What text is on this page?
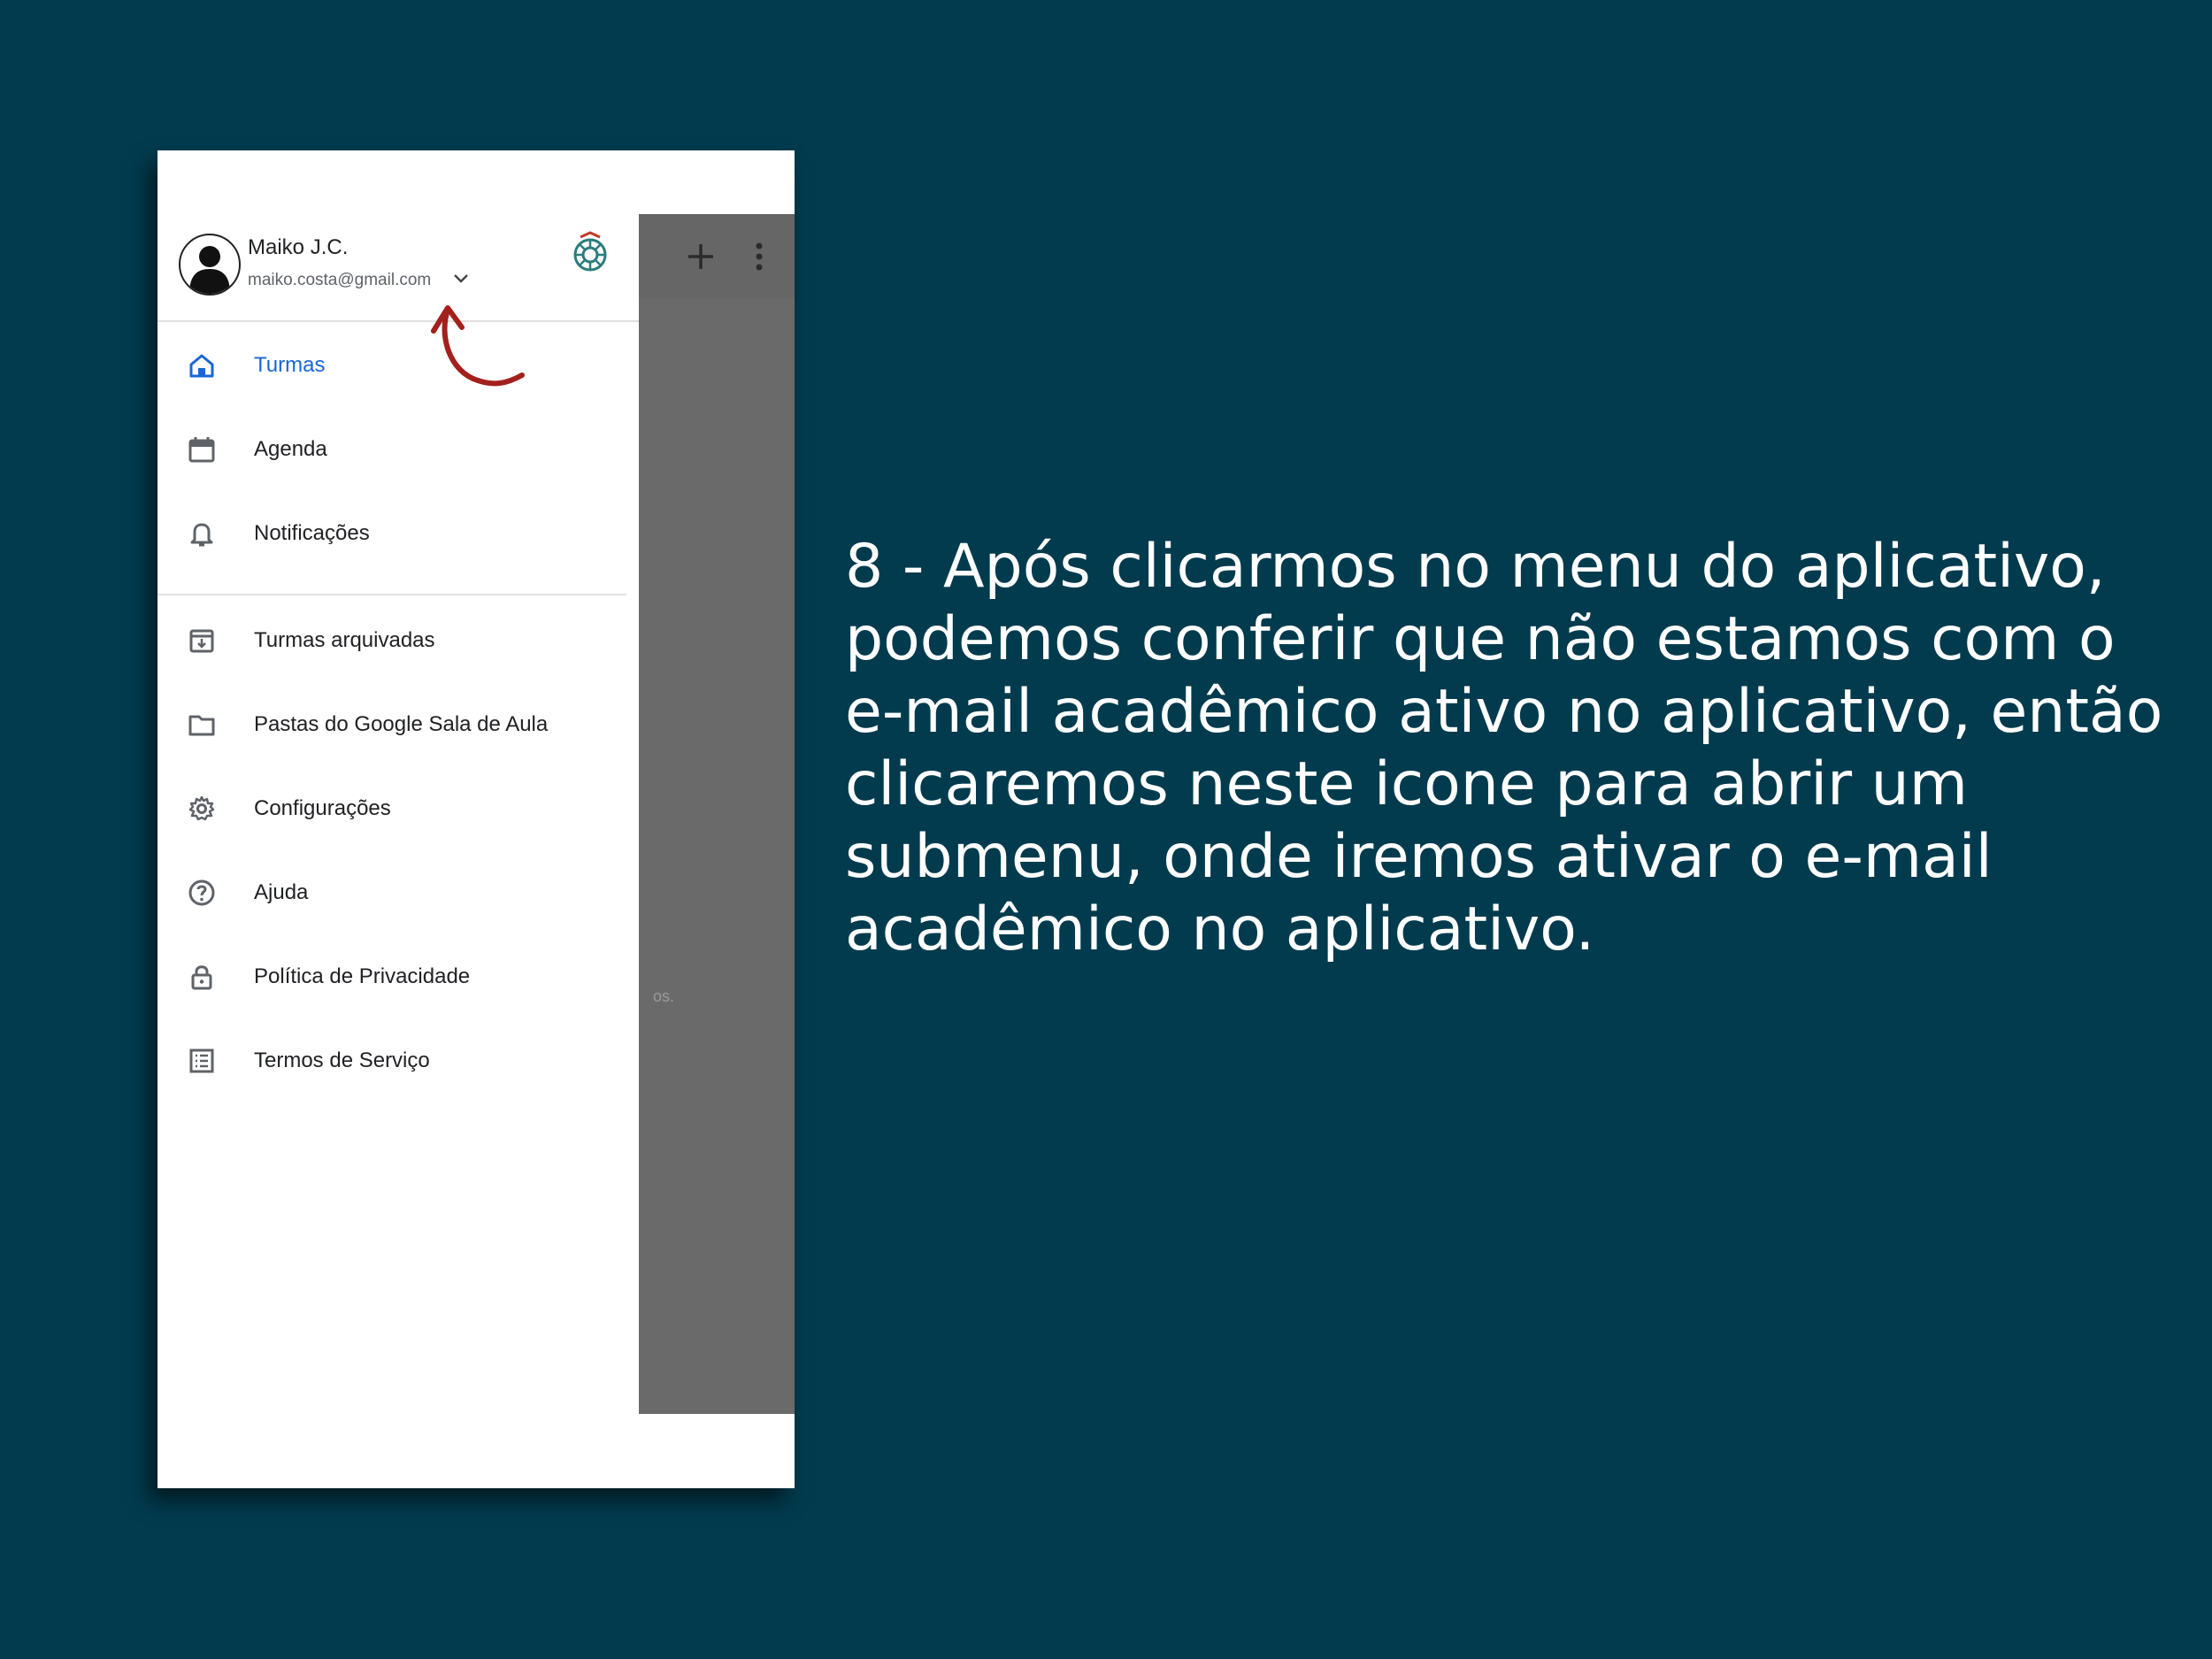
os.
Maiko J.C.
maiko.costa@gmail.com
Turmas
Agenda
Notificações
Turmas arquivadas
Pastas do Google Sala de Aula
Configurações
Ajuda
Política de Privacidade
Termos de Serviço
8 - Após clicarmos no menu do aplicativo, podemos conferir que não estamos com o e-mail acadêmico ativo no aplicativo, então clicaremos neste icone para abrir um submenu, onde iremos ativar o e-mail acadêmico no aplicativo.
